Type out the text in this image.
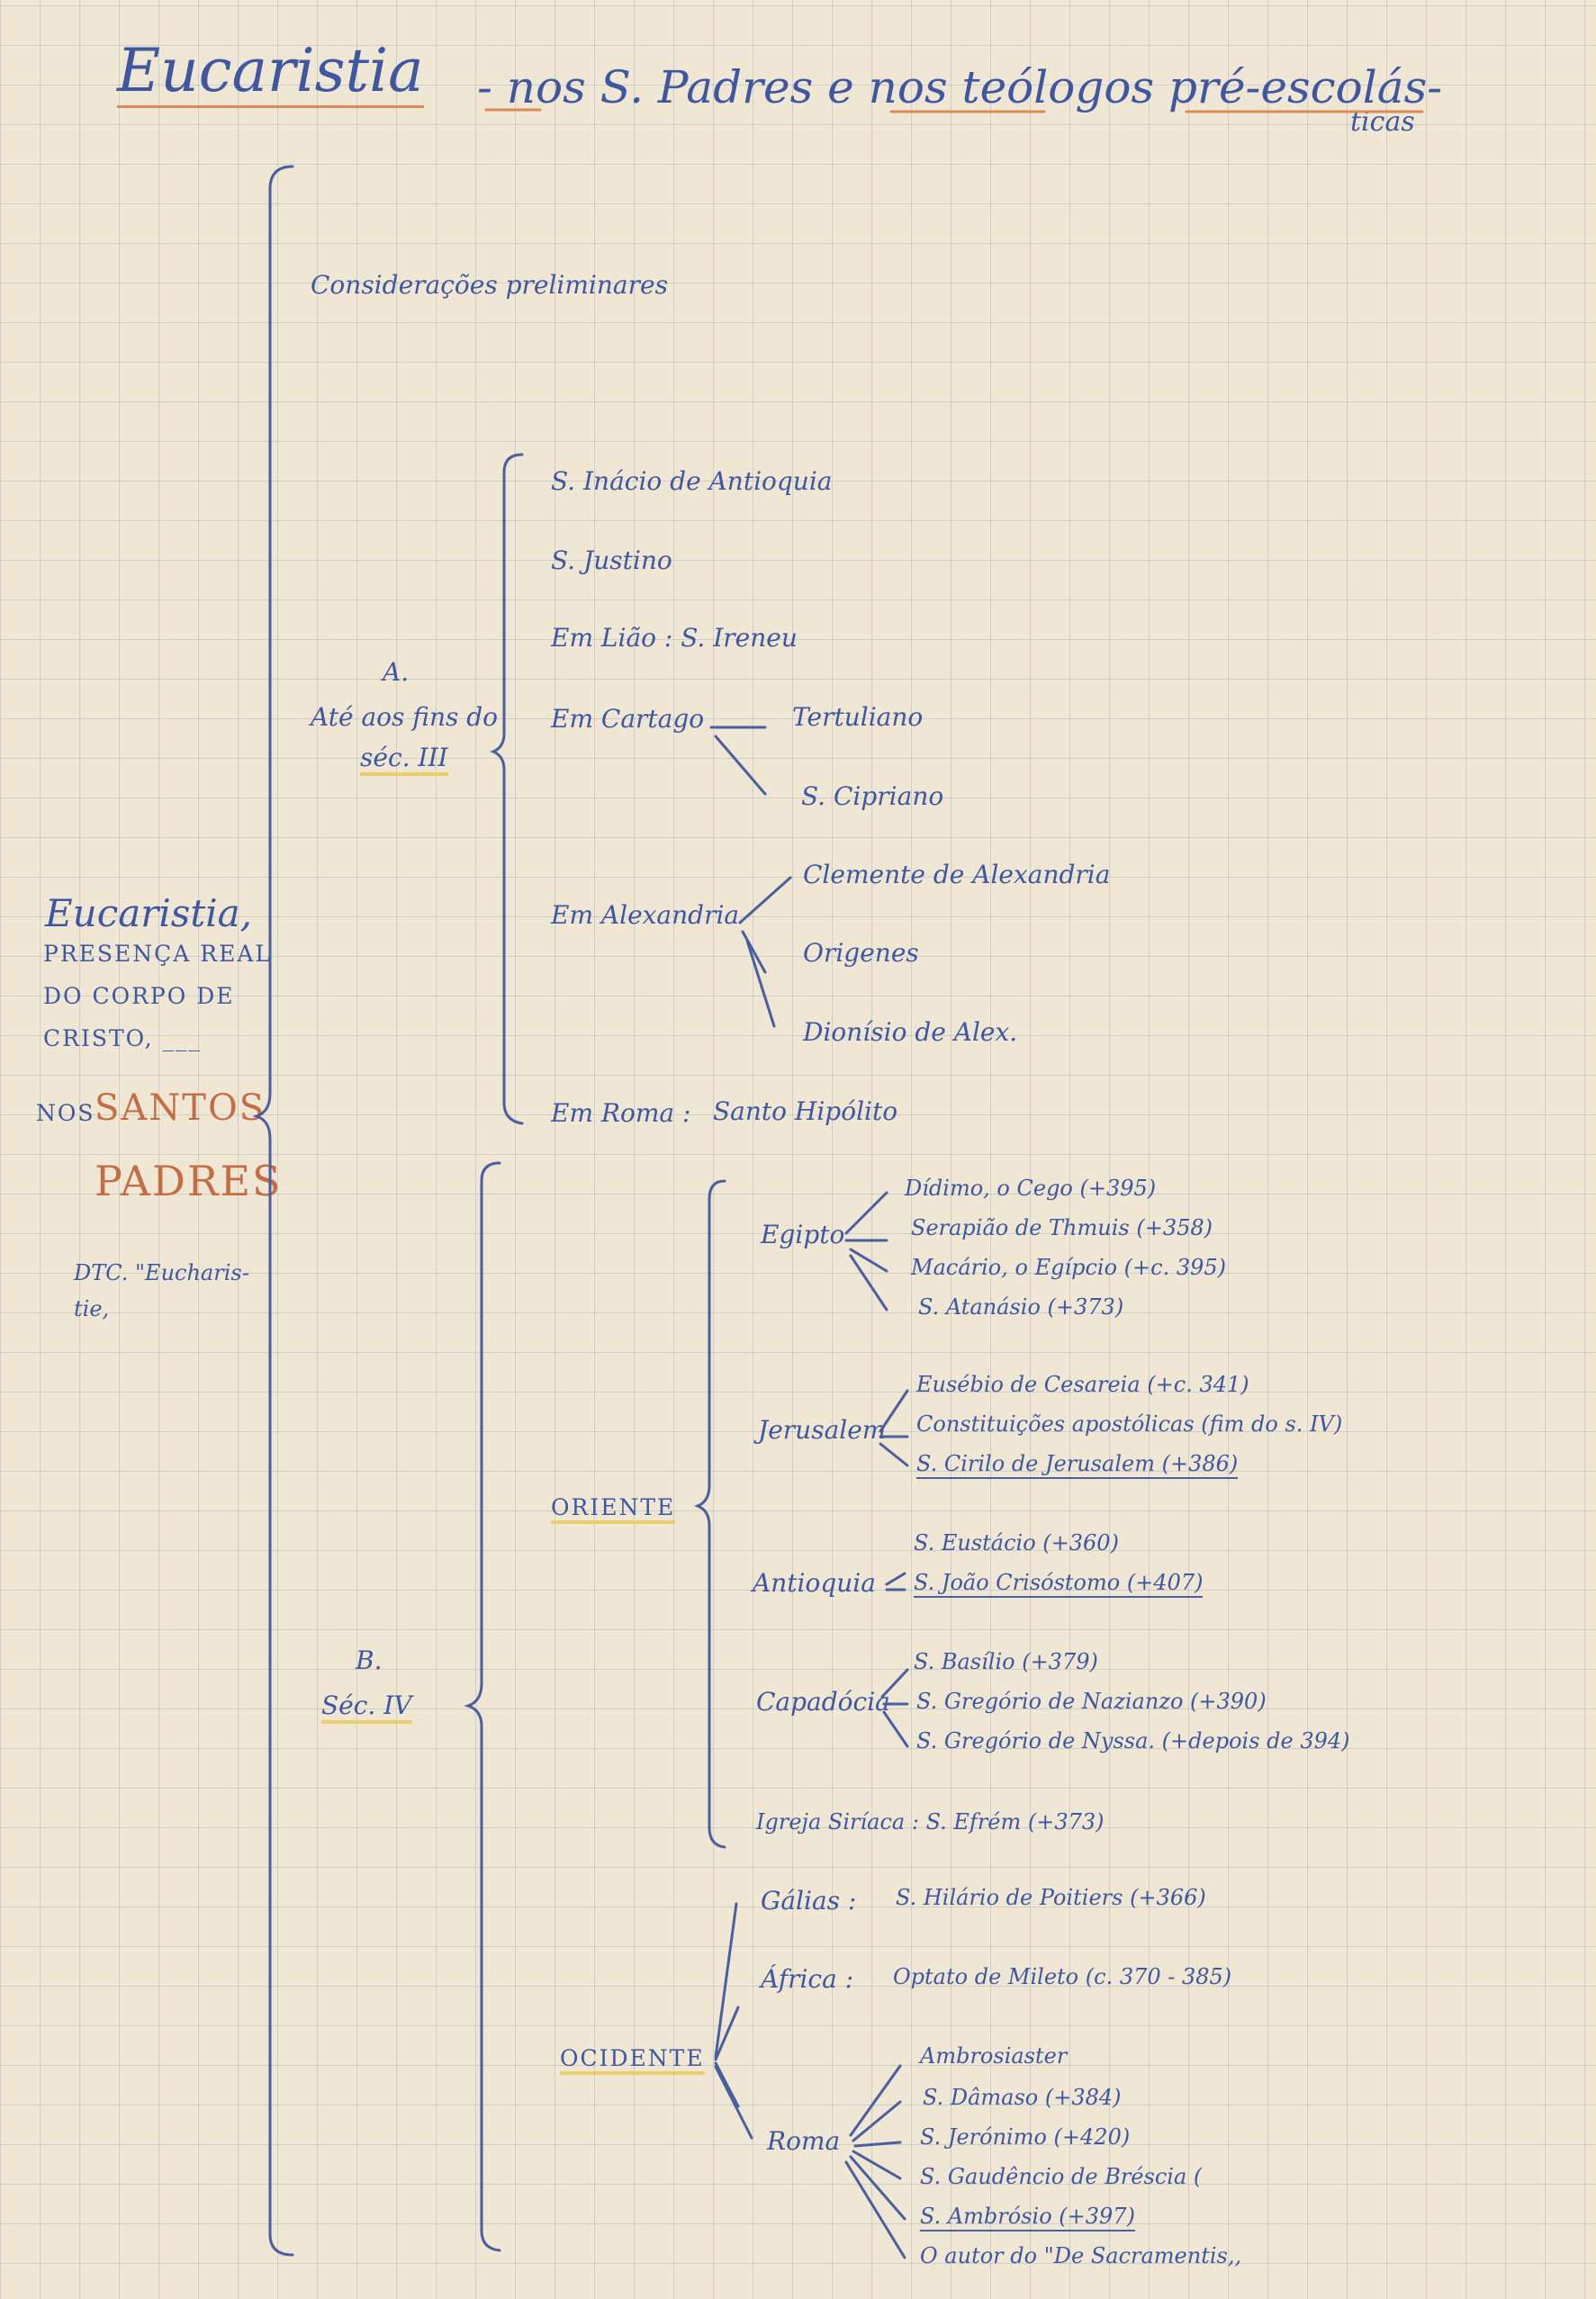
Eucaristia - nos S. Padres e nos teólogos pré-escolás-
ticas
Considerações preliminares
Eucaristia,
PRESENÇA REAL
DO CORPO DE
CRISTO, ___
NOS SANTOS
PADRES
DTC. "Eucharis-
tie,
A.
Até aos fins do
séc. III
S. Inácio de Antioquia
S. Justino
Em Lião : S. Ireneu
Em Cartago	Tertuliano
S. Cipriano
Em Alexandria
Clemente de Alexandria
Origenes
Dionísio de Alex.
Em Roma : Santo Hipólito
B.
Séc. IV
ORIENTE
Egipto
Dídimo, o Cego (+395)
Serapião de Thmuis (+358)
Macário, o Egípcio (+c. 395)
S. Atanásio (+373)
Jerusalem
Eusébio de Cesareia (+c. 341)
Constituições apostólicas (fim do s. IV)
S. Cirilo de Jerusalem (+386)
Antioquia
S. Eustácio (+360)
S. João Crisóstomo (+407)
Capadócia
S. Basílio (+379)
S. Gregório de Nazianzo (+390)
S. Gregório de Nyssa. (+depois de 394)
Igreja Siríaca : S. Efrém (+373)
OCIDENTE
Gálias : S. Hilário de Poitiers (+366)
África : Optato de Mileto (c. 370 - 385)
Roma
Ambrosiaster
S. Dâmaso (+384)
S. Jerónimo (+420)
S. Gaudêncio de Bréscia (
S. Ambrósio (+397)
O autor do "De Sacramentis,,
